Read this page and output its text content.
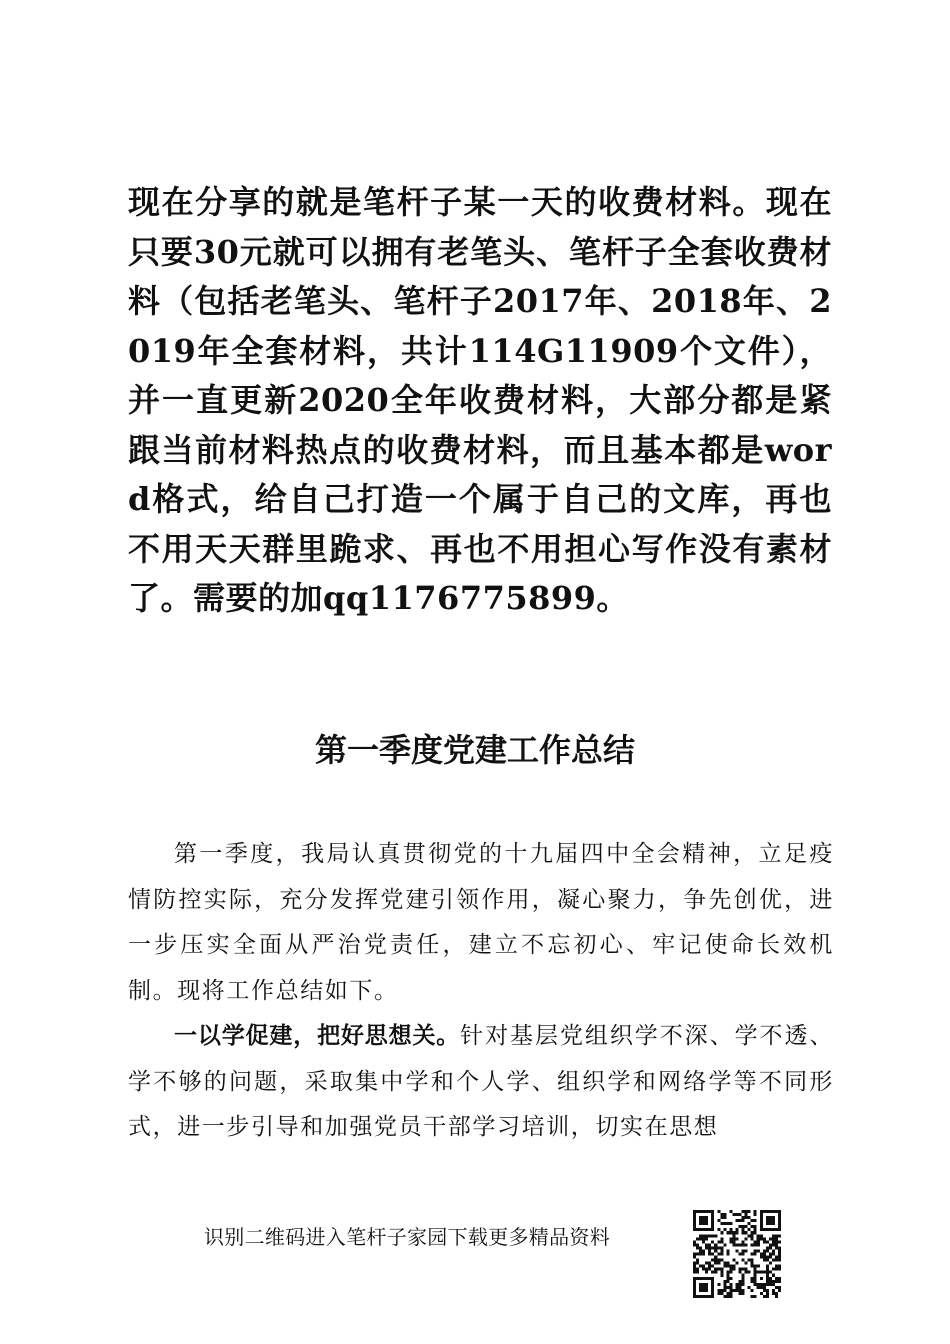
现在分享的就是笔杆子某一天的收费材料。现在只要30元就可以拥有老笔头、笔杆子全套收费材料（包括老笔头、笔杆子2017年、2018年、2019年全套材料，共计114G11909个文件），并一直更新2020全年收费材料，大部分都是紧跟当前材料热点的收费材料，而且基本都是word格式，给自己打造一个属于自己的文库，再也不用天天群里跪求、再也不用担心写作没有素材了。需要的加qq1176775899。

第一季度党建工作总结

第一季度，我局认真贯彻党的十九届四中全会精神，立足疫情防控实际，充分发挥党建引领作用，凝心聚力，争先创优，进一步压实全面从严治党责任，建立不忘初心、牢记使命长效机制。现将工作总结如下。

一以学促建，把好思想关。针对基层党组织学不深、学不透、学不够的问题，采取集中学和个人学、组织学和网络学等不同形式，进一步引导和加强党员干部学习培训，切实在思想

识别二维码进入笔杆子家园下载更多精品资料
